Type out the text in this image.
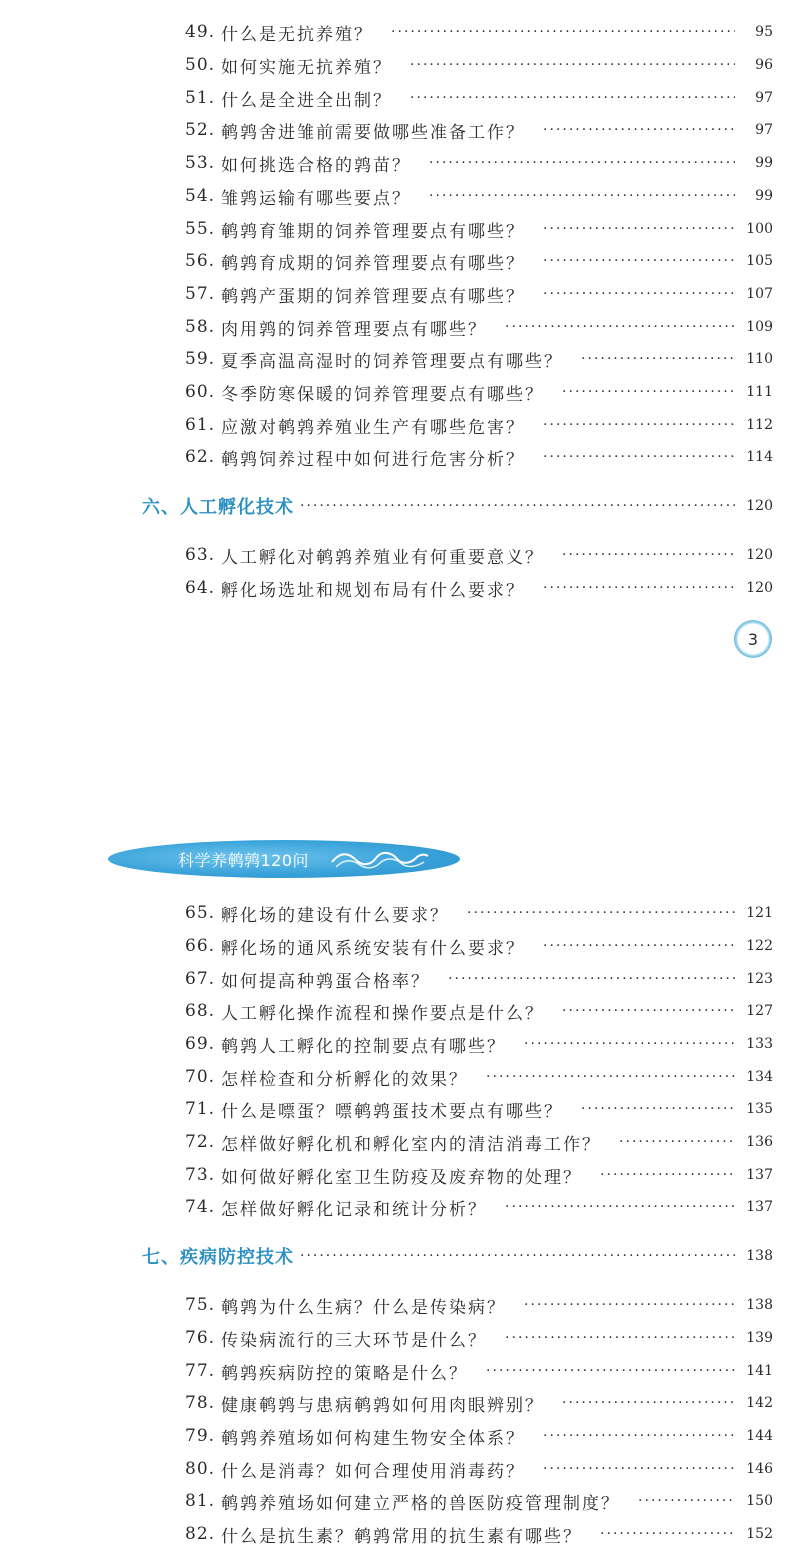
49. 什么是无抗养殖？ ·····	95
50. 如何实施无抗养殖？ ·····	96
51. 什么是全进全出制？ ·····	97
52. 鹌鹑舍进雏前需要做哪些准备工作？ ·····	97
53. 如何挑选合格的鹑苗？ ·····	99
54. 雏鹑运输有哪些要点？ ·····	99
55. 鹌鹑育雏期的饲养管理要点有哪些？ ·····	100
56. 鹌鹑育成期的饲养管理要点有哪些？ ·····	105
57. 鹌鹑产蛋期的饲养管理要点有哪些？ ·····	107
58. 肉用鹑的饲养管理要点有哪些？ ·····	109
59. 夏季高温高湿时的饲养管理要点有哪些？ ·····	110
60. 冬季防寒保暖的饲养管理要点有哪些？ ·····	111
61. 应激对鹌鹑养殖业生产有哪些危害？ ·····	112
62. 鹌鹑饲养过程中如何进行危害分析？ ·····	114
六、人工孵化技术 ·····	120
63. 人工孵化对鹌鹑养殖业有何重要意义？ ·····	120
64. 孵化场选址和规划布局有什么要求？ ·····	120
3
科学养鹌鹑120问
65. 孵化场的建设有什么要求？ ·····	121
66. 孵化场的通风系统安装有什么要求？ ·····	122
67. 如何提高种鹑蛋合格率？ ·····	123
68. 人工孵化操作流程和操作要点是什么？ ·····	127
69. 鹌鹑人工孵化的控制要点有哪些？ ·····	133
70. 怎样检查和分析孵化的效果？ ·····	134
71. 什么是嘌蛋？嘌鹌鹑蛋技术要点有哪些？ ·····	135
72. 怎样做好孵化机和孵化室内的清洁消毒工作？ ·····	136
73. 如何做好孵化室卫生防疫及废弃物的处理？ ·····	137
74. 怎样做好孵化记录和统计分析？ ·····	137
七、疾病防控技术 ·····	138
75. 鹌鹑为什么生病？什么是传染病？ ·····	138
76. 传染病流行的三大环节是什么？ ·····	139
77. 鹌鹑疾病防控的策略是什么？ ·····	141
78. 健康鹌鹑与患病鹌鹑如何用肉眼辨别？ ·····	142
79. 鹌鹑养殖场如何构建生物安全体系？ ·····	144
80. 什么是消毒？如何合理使用消毒药？ ·····	146
81. 鹌鹑养殖场如何建立严格的兽医防疫管理制度？ ·····	150
82. 什么是抗生素？鹌鹑常用的抗生素有哪些？ ·····	152
